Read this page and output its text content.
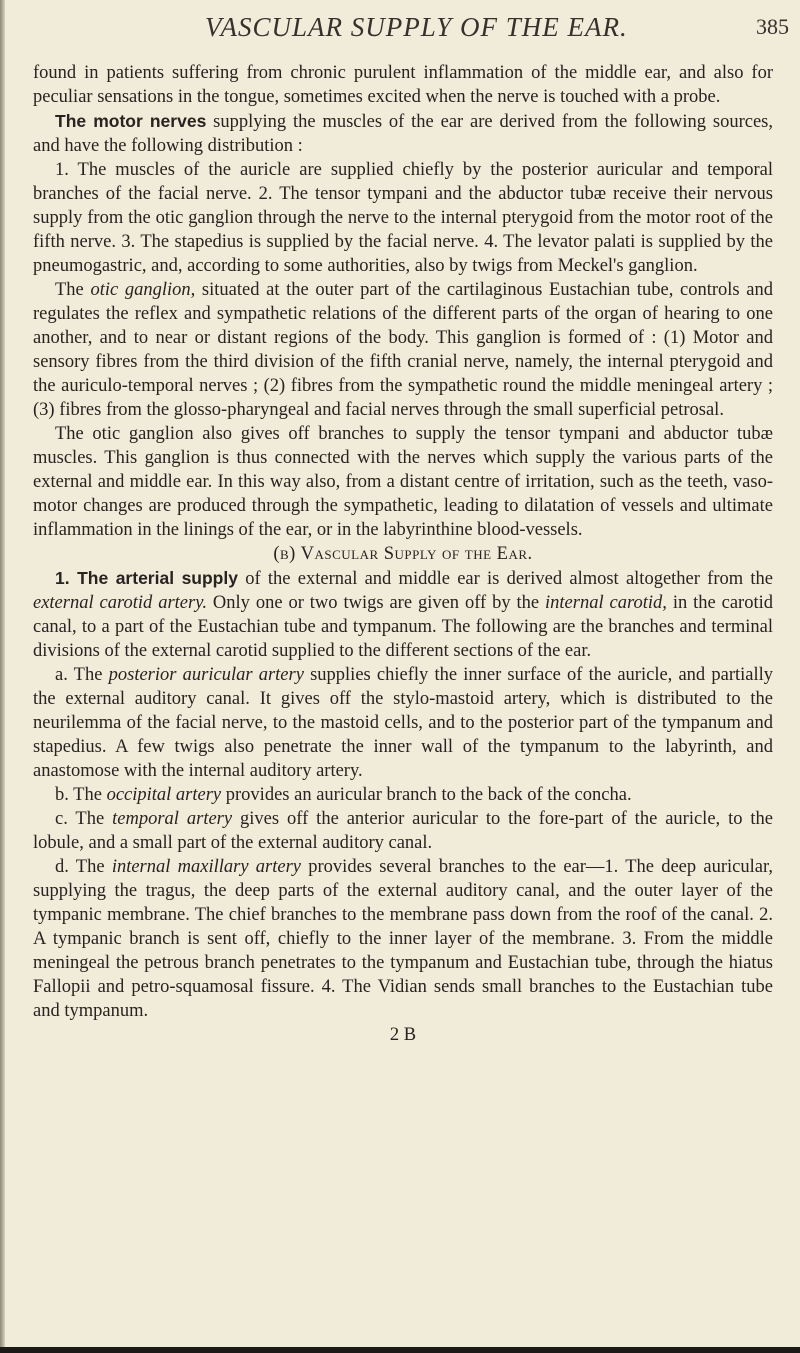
VASCULAR SUPPLY OF THE EAR.	385

found in patients suffering from chronic purulent inflammation of the middle ear, and also for peculiar sensations in the tongue, sometimes excited when the nerve is touched with a probe.

The motor nerves supplying the muscles of the ear are derived from the following sources, and have the following distribution :

1. The muscles of the auricle are supplied chiefly by the posterior auricular and temporal branches of the facial nerve. 2. The tensor tympani and the abductor tubæ receive their nervous supply from the otic ganglion through the nerve to the internal pterygoid from the motor root of the fifth nerve. 3. The stapedius is supplied by the facial nerve. 4. The levator palati is supplied by the pneumogastric, and, according to some authorities, also by twigs from Meckel's ganglion.

The otic ganglion, situated at the outer part of the cartilaginous Eustachian tube, controls and regulates the reflex and sympathetic relations of the different parts of the organ of hearing to one another, and to near or distant regions of the body. This ganglion is formed of : (1) Motor and sensory fibres from the third division of the fifth cranial nerve, namely, the internal pterygoid and the auriculo-temporal nerves ; (2) fibres from the sympathetic round the middle meningeal artery ; (3) fibres from the glosso-pharyngeal and facial nerves through the small superficial petrosal.

The otic ganglion also gives off branches to supply the tensor tympani and abductor tubæ muscles. This ganglion is thus connected with the nerves which supply the various parts of the external and middle ear. In this way also, from a distant centre of irritation, such as the teeth, vaso-motor changes are produced through the sympathetic, leading to dilatation of vessels and ultimate inflammation in the linings of the ear, or in the labyrinthine blood-vessels.

(b) Vascular Supply of the Ear.

1. The arterial supply of the external and middle ear is derived almost altogether from the external carotid artery. Only one or two twigs are given off by the internal carotid, in the carotid canal, to a part of the Eustachian tube and tympanum. The following are the branches and terminal divisions of the external carotid supplied to the different sections of the ear.

a. The posterior auricular artery supplies chiefly the inner surface of the auricle, and partially the external auditory canal. It gives off the stylo-mastoid artery, which is distributed to the neurilemma of the facial nerve, to the mastoid cells, and to the posterior part of the tympanum and stapedius. A few twigs also penetrate the inner wall of the tympanum to the labyrinth, and anastomose with the internal auditory artery.

b. The occipital artery provides an auricular branch to the back of the concha.

c. The temporal artery gives off the anterior auricular to the fore-part of the auricle, to the lobule, and a small part of the external auditory canal.

d. The internal maxillary artery provides several branches to the ear—1. The deep auricular, supplying the tragus, the deep parts of the external auditory canal, and the outer layer of the tympanic membrane. The chief branches to the membrane pass down from the roof of the canal. 2. A tympanic branch is sent off, chiefly to the inner layer of the membrane. 3. From the middle meningeal the petrous branch penetrates to the tympanum and Eustachian tube, through the hiatus Fallopii and petro-squamosal fissure. 4. The Vidian sends small branches to the Eustachian tube and tympanum.

2 B
